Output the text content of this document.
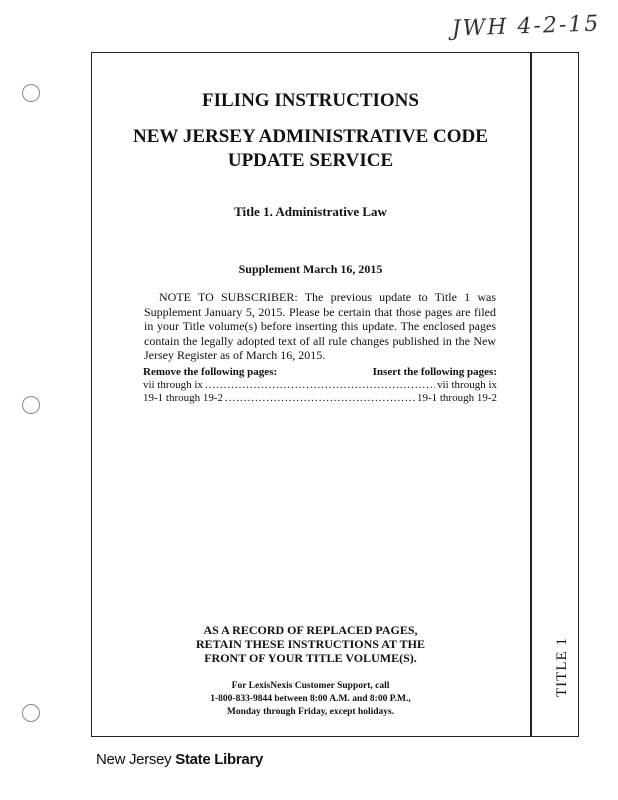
JWH 4-2-15
TITLE 1
FILING INSTRUCTIONS
NEW JERSEY ADMINISTRATIVE CODE
UPDATE SERVICE
Title 1. Administrative Law
Supplement March 16, 2015
NOTE TO SUBSCRIBER: The previous update to Title 1 was Supplement January 5, 2015. Please be certain that those pages are filed in your Title volume(s) before inserting this update. The enclosed pages contain the legally adopted text of all rule changes published in the New Jersey Register as of March 16, 2015.
Remove the following pages:	Insert the following pages:
vii through ix .....	vii through ix
19-1 through 19-2 .....	19-1 through 19-2
AS A RECORD OF REPLACED PAGES,
RETAIN THESE INSTRUCTIONS AT THE
FRONT OF YOUR TITLE VOLUME(S).
For LexisNexis Customer Support, call
1-800-833-9844 between 8:00 A.M. and 8:00 P.M.,
Monday through Friday, except holidays.
New Jersey State Library
